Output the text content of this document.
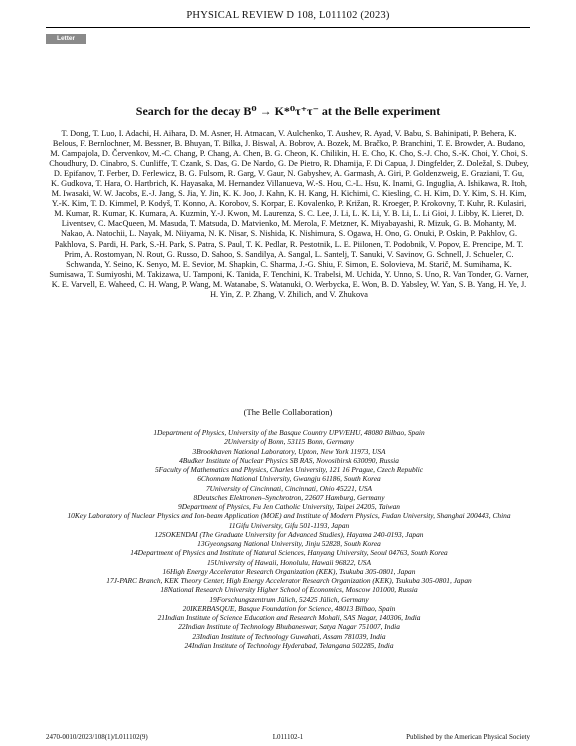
PHYSICAL REVIEW D 108, L011102 (2023)
Letter
Search for the decay B⁰ → K*⁰τ⁺τ⁻ at the Belle experiment
T. Dong, T. Luo, I. Adachi, H. Aihara, D. M. Asner, H. Atmacan, V. Aulchenko, T. Aushev, R. Ayad, V. Babu, S. Bahinipati, P. Behera, K. Belous, F. Bernlochner, M. Bessner, B. Bhuyan, T. Bilka, J. Biswal, A. Bobrov, A. Bozek, M. Bračko, P. Branchini, T. E. Browder, A. Budano, M. Campajola, D. Červenkov, M.-C. Chang, P. Chang, A. Chen, B. G. Cheon, K. Chilikin, H. E. Cho, K. Cho, S.-J. Cho, S.-K. Choi, Y. Choi, S. Choudhury, D. Cinabro, S. Cunliffe, T. Czank, S. Das, G. De Nardo, G. De Pietro, R. Dhamija, F. Di Capua, J. Dingfelder, Z. Doležal, S. Dubey, D. Epifanov, T. Ferber, D. Ferlewicz, B. G. Fulsom, R. Garg, V. Gaur, N. Gabyshev, A. Garmash, A. Giri, P. Goldenzweig, E. Graziani, T. Gu, K. Gudkova, T. Hara, O. Hartbrich, K. Hayasaka, M. Hernandez Villanueva, W.-S. Hou, C.-L. Hsu, K. Inami, G. Inguglia, A. Ishikawa, R. Itoh, M. Iwasaki, W. W. Jacobs, E.-J. Jang, S. Jia, Y. Jin, K. K. Joo, J. Kahn, K. H. Kang, H. Kichimi, C. Kiesling, C. H. Kim, D. Y. Kim, S. H. Kim, Y.-K. Kim, T. D. Kimmel, P. Kodyš, T. Konno, A. Korobov, S. Korpar, E. Kovalenko, P. Križan, R. Kroeger, P. Krokovny, T. Kuhr, R. Kulasiri, M. Kumar, R. Kumar, K. Kumara, A. Kuzmin, Y.-J. Kwon, M. Laurenza, S. C. Lee, J. Li, L. K. Li, Y. B. Li, L. Li Gioi, J. Libby, K. Lieret, D. Liventsev, C. MacQueen, M. Masuda, T. Matsuda, D. Matvienko, M. Merola, F. Metzner, K. Miyabayashi, R. Mizuk, G. B. Mohanty, M. Nakao, A. Natochii, L. Nayak, M. Niiyama, N. K. Nisar, S. Nishida, K. Nishimura, S. Ogawa, H. Ono, G. Onuki, P. Oskin, P. Pakhlov, G. Pakhlova, S. Pardi, H. Park, S.-H. Park, S. Patra, S. Paul, T. K. Pedlar, R. Pestotnik, L. E. Piilonen, T. Podobnik, V. Popov, E. Prencipe, M. T. Prim, A. Rostomyan, N. Rout, G. Russo, D. Sahoo, S. Sandilya, A. Sangal, L. Santelj, T. Sanuki, V. Savinov, G. Schnell, J. Schueler, C. Schwanda, Y. Seino, K. Senyo, M. E. Sevior, M. Shapkin, C. Sharma, J.-G. Shiu, F. Simon, E. Solovieva, M. Starič, M. Sumihama, K. Sumisawa, T. Sumiyoshi, M. Takizawa, U. Tamponi, K. Tanida, F. Tenchini, K. Trabelsi, M. Uchida, Y. Unno, S. Uno, R. Van Tonder, G. Varner, K. E. Varvell, E. Waheed, C. H. Wang, P. Wang, M. Watanabe, S. Watanuki, O. Werbycka, E. Won, B. D. Yabsley, W. Yan, S. B. Yang, H. Ye, J. H. Yin, Z. P. Zhang, V. Zhilich, and V. Zhukova
(The Belle Collaboration)
1Department of Physics, University of the Basque Country UPV/EHU, 48080 Bilbao, Spain
2University of Bonn, 53115 Bonn, Germany
3Brookhaven National Laboratory, Upton, New York 11973, USA
4Budker Institute of Nuclear Physics SB RAS, Novosibirsk 630090, Russia
5Faculty of Mathematics and Physics, Charles University, 121 16 Prague, Czech Republic
6Chonnam National University, Gwangju 61186, South Korea
7University of Cincinnati, Cincinnati, Ohio 45221, USA
8Deutsches Elektronen–Synchrotron, 22607 Hamburg, Germany
9Department of Physics, Fu Jen Catholic University, Taipei 24205, Taiwan
10Key Laboratory of Nuclear Physics and Ion-beam Application (MOE) and Institute of Modern Physics, Fudan University, Shanghai 200443, China
11Gifu University, Gifu 501-1193, Japan
12SOKENDAI (The Graduate University for Advanced Studies), Hayama 240-0193, Japan
13Gyeongsang National University, Jinju 52828, South Korea
14Department of Physics and Institute of Natural Sciences, Hanyang University, Seoul 04763, South Korea
15University of Hawaii, Honolulu, Hawaii 96822, USA
16High Energy Accelerator Research Organization (KEK), Tsukuba 305-0801, Japan
17J-PARC Branch, KEK Theory Center, High Energy Accelerator Research Organization (KEK), Tsukuba 305-0801, Japan
18National Research University Higher School of Economics, Moscow 101000, Russia
19Forschungszentrum Jülich, 52425 Jülich, Germany
20IKERBASQUE, Basque Foundation for Science, 48013 Bilbao, Spain
21Indian Institute of Science Education and Research Mohali, SAS Nagar, 140306, India
22Indian Institute of Technology Bhubaneswar, Satya Nagar 751007, India
23Indian Institute of Technology Guwahati, Assam 781039, India
24Indian Institute of Technology Hyderabad, Telangana 502285, India
2470-0010/2023/108(1)/L011102(9)	L011102-1	Published by the American Physical Society
